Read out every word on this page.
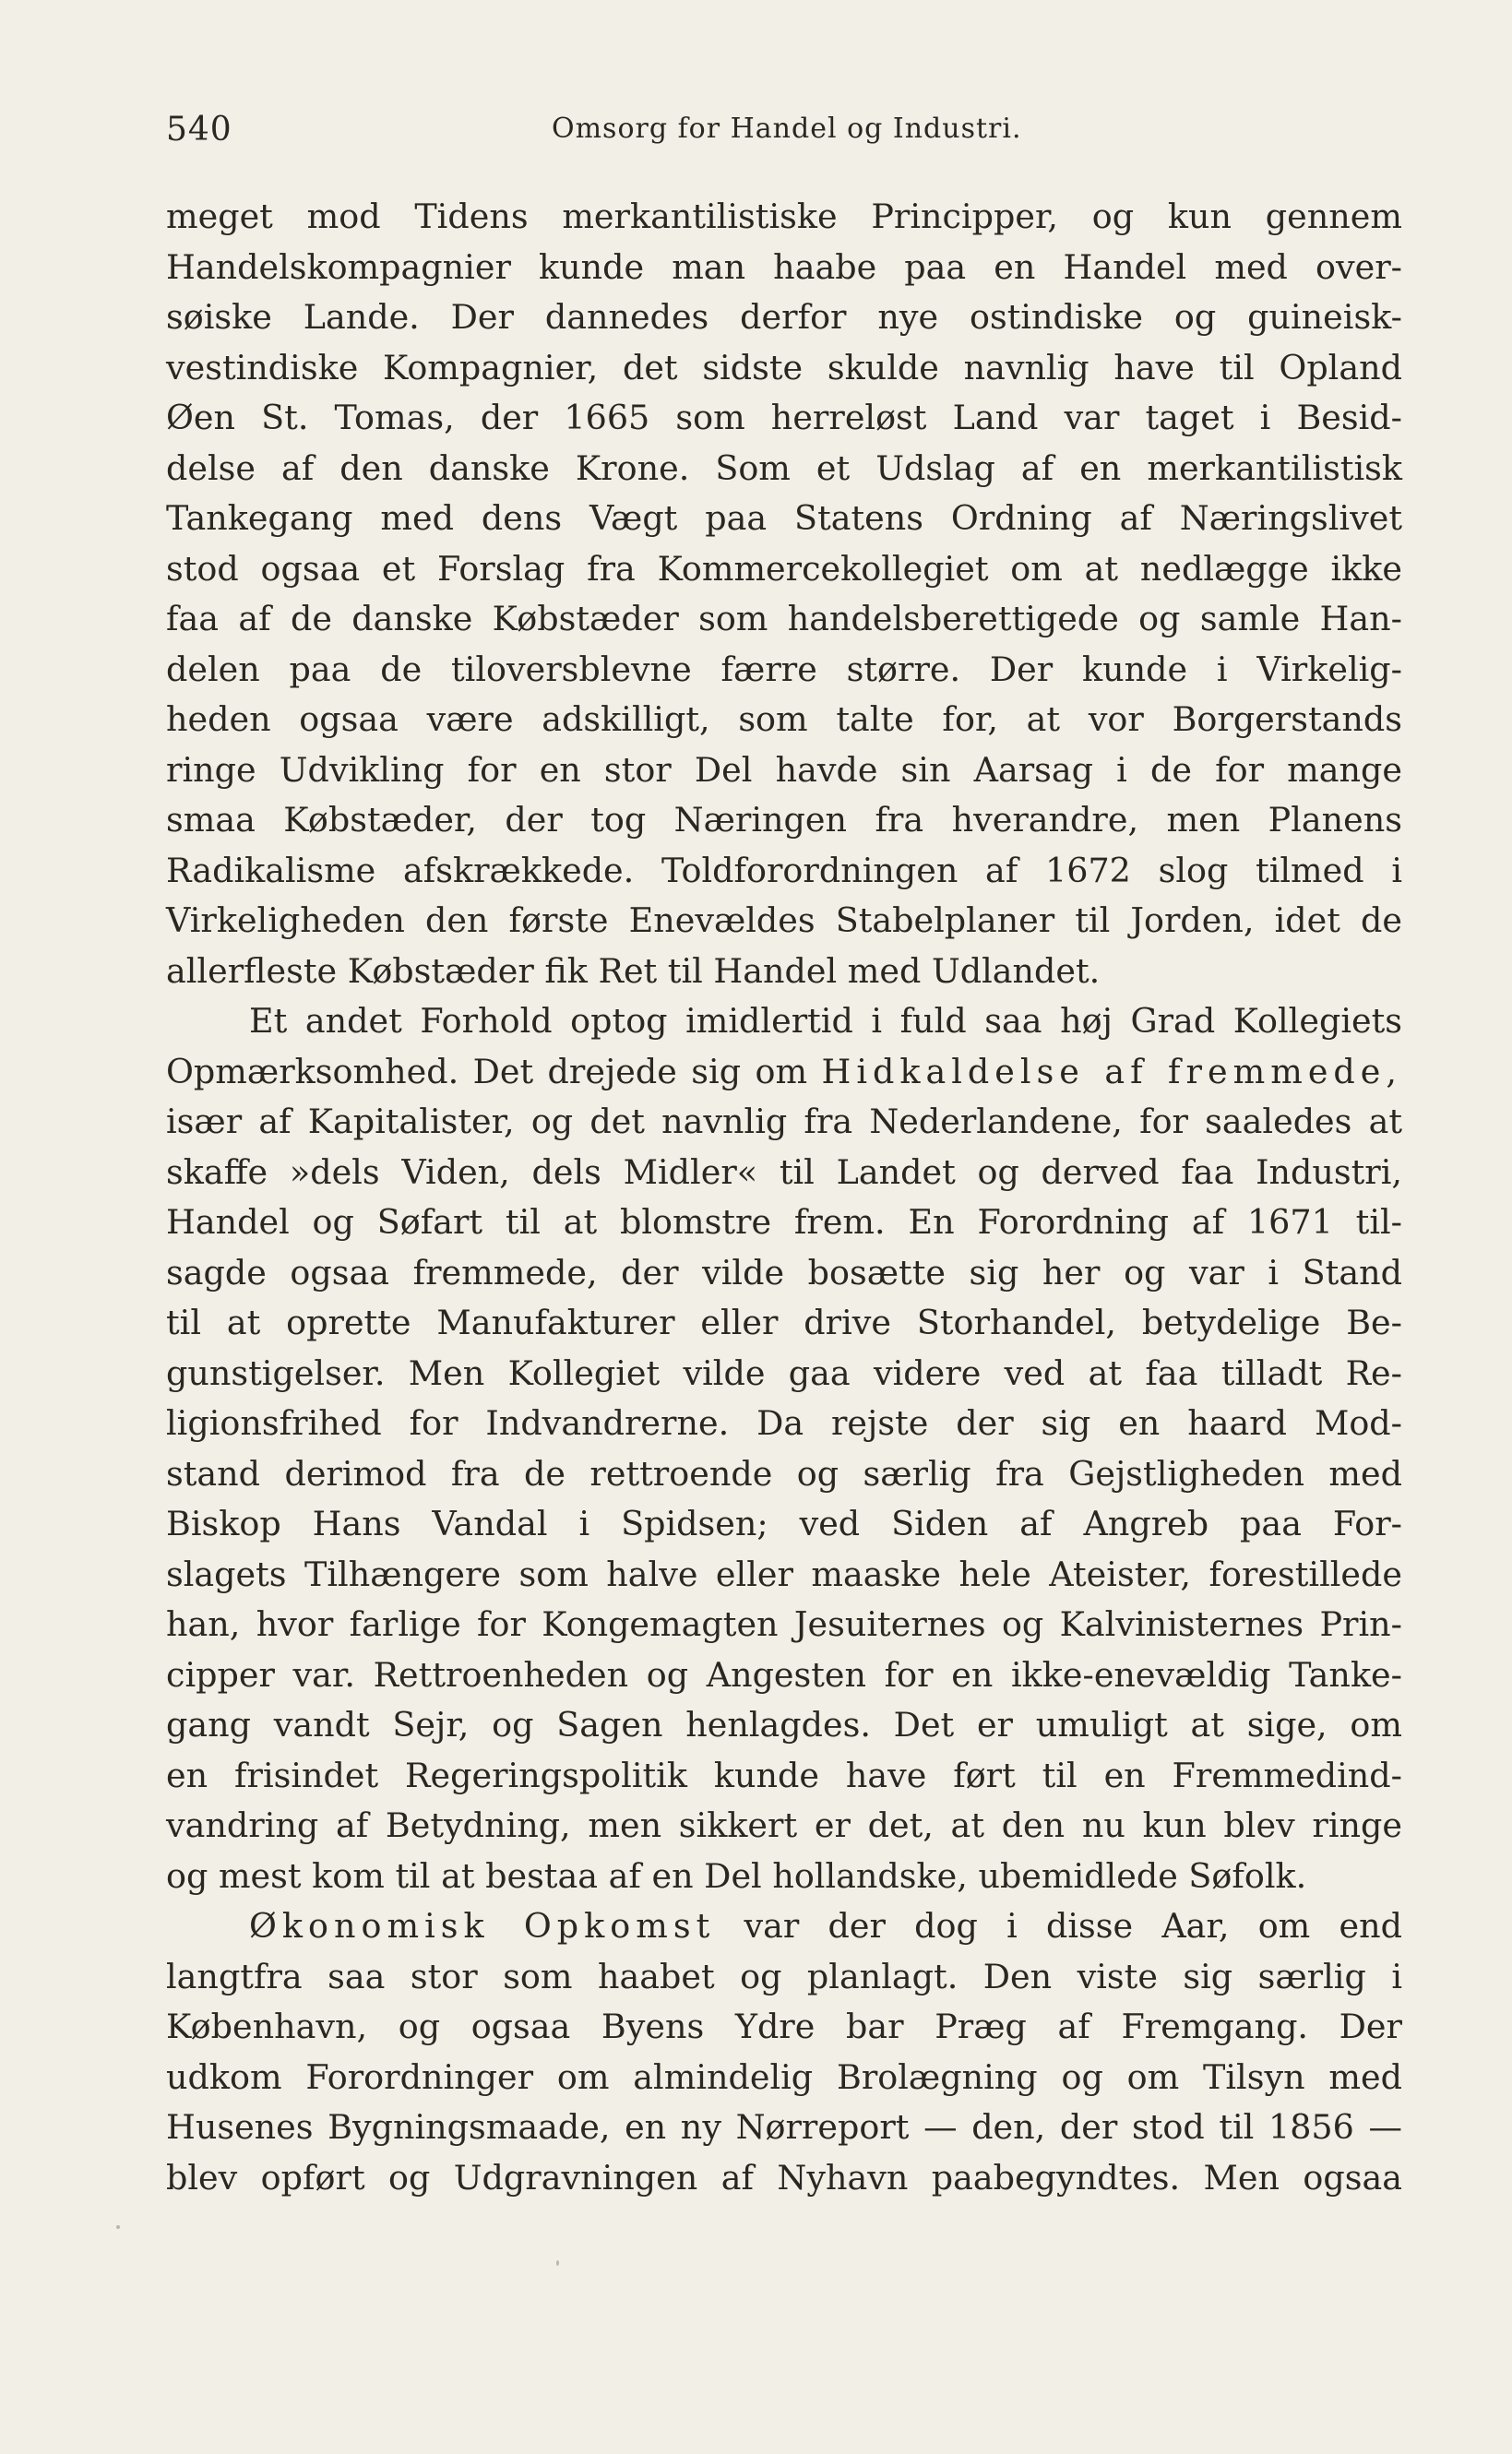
540	Omsorg for Handel og Industri.
meget mod Tidens merkantilistiske Principper, og kun gennem
Handelskompagnier kunde man haabe paa en Handel med over-
søiske Lande. Der dannedes derfor nye ostindiske og guineisk-
vestindiske Kompagnier, det sidste skulde navnlig have til Opland
Øen St. Tomas, der 1665 som herreløst Land var taget i Besid-
delse af den danske Krone. Som et Udslag af en merkantilistisk
Tankegang med dens Vægt paa Statens Ordning af Næringslivet
stod ogsaa et Forslag fra Kommercekollegiet om at nedlægge ikke
faa af de danske Købstæder som handelsberettigede og samle Han-
delen paa de tiloversblevne færre større. Der kunde i Virkelig-
heden ogsaa være adskilligt, som talte for, at vor Borgerstands
ringe Udvikling for en stor Del havde sin Aarsag i de for mange
smaa Købstæder, der tog Næringen fra hverandre, men Planens
Radikalisme afskrækkede. Toldforordningen af 1672 slog tilmed i
Virkeligheden den første Enevældes Stabelplaner til Jorden, idet de
allerfleste Købstæder fik Ret til Handel med Udlandet.
Et andet Forhold optog imidlertid i fuld saa høj Grad Kollegiets
Opmærksomhed. Det drejede sig om Hidkaldelse af fremmede,
især af Kapitalister, og det navnlig fra Nederlandene, for saaledes at
skaffe »dels Viden, dels Midler« til Landet og derved faa Industri,
Handel og Søfart til at blomstre frem. En Forordning af 1671 til-
sagde ogsaa fremmede, der vilde bosætte sig her og var i Stand
til at oprette Manufakturer eller drive Storhandel, betydelige Be-
gunstigelser. Men Kollegiet vilde gaa videre ved at faa tilladt Re-
ligionsfrihed for Indvandrerne. Da rejste der sig en haard Mod-
stand derimod fra de rettroende og særlig fra Gejstligheden med
Biskop Hans Vandal i Spidsen; ved Siden af Angreb paa For-
slagets Tilhængere som halve eller maaske hele Ateister, forestillede
han, hvor farlige for Kongemagten Jesuiternes og Kalvinisternes Prin-
cipper var. Rettroenheden og Angesten for en ikke-enevældig Tanke-
gang vandt Sejr, og Sagen henlagdes. Det er umuligt at sige, om
en frisindet Regeringspolitik kunde have ført til en Fremmedind-
vandring af Betydning, men sikkert er det, at den nu kun blev ringe
og mest kom til at bestaa af en Del hollandske, ubemidlede Søfolk.
Økonomisk Opkomst var der dog i disse Aar, om end
langtfra saa stor som haabet og planlagt. Den viste sig særlig i
København, og ogsaa Byens Ydre bar Præg af Fremgang. Der
udkom Forordninger om almindelig Brolægning og om Tilsyn med
Husenes Bygningsmaade, en ny Nørreport — den, der stod til 1856 —
blev opført og Udgravningen af Nyhavn paabegyndtes. Men ogsaa
